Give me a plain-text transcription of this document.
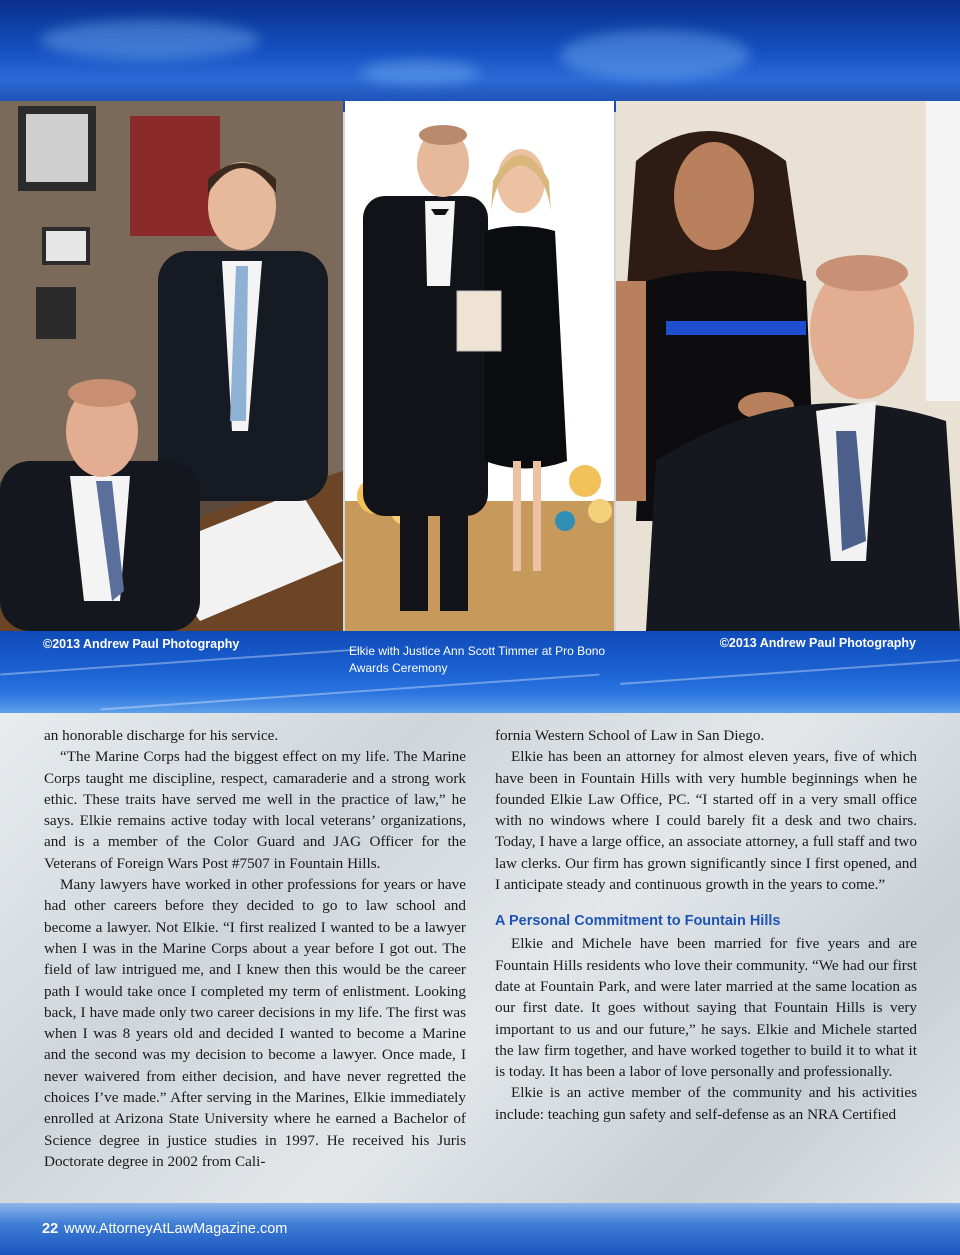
©2013 Andrew Paul Photography	Elkie with Justice Ann Scott Timmer at Pro Bono Awards Ceremony
©2013 Andrew Paul Photography

an honorable discharge for his service.

“The Marine Corps had the biggest effect on my life. The Marine Corps taught me discipline, respect, camaraderie and a strong work ethic. These traits have served me well in the practice of law,” he says. Elkie remains active today with local veterans’ organizations, and is a member of the Color Guard and JAG Officer for the Veterans of Foreign Wars Post #7507 in Fountain Hills.

Many lawyers have worked in other professions for years or have had other careers before they decided to go to law school and become a lawyer. Not Elkie. “I first realized I wanted to be a lawyer when I was in the Marine Corps about a year before I got out. The field of law intrigued me, and I knew then this would be the career path I would take once I completed my term of enlistment. Looking back, I have made only two career decisions in my life. The first was when I was 8 years old and decided I wanted to become a Marine and the second was my decision to become a lawyer. Once made, I never waivered from either decision, and have never regretted the choices I’ve made.” After serving in the Marines, Elkie immediately enrolled at Arizona State University where he earned a Bachelor of Science degree in justice studies in 1997. He received his Juris Doctorate degree in 2002 from Cali-

fornia Western School of Law in San Diego.

Elkie has been an attorney for almost eleven years, five of which have been in Fountain Hills with very humble beginnings when he founded Elkie Law Office, PC. “I started off in a very small office with no windows where I could barely fit a desk and two chairs. Today, I have a large office, an associate attorney, a full staff and two law clerks. Our firm has grown significantly since I first opened, and I anticipate steady and continuous growth in the years to come.”

A Personal Commitment to Fountain Hills

Elkie and Michele have been married for five years and are Fountain Hills residents who love their community. “We had our first date at Fountain Park, and were later married at the same location as our first date. It goes without saying that Fountain Hills is very important to us and our future,” he says. Elkie and Michele started the law firm together, and have worked together to build it to what it is today. It has been a labor of love personally and professionally.

Elkie is an active member of the community and his activities include: teaching gun safety and self-defense as an NRA Certified

22 www.AttorneyAtLawMagazine.com
